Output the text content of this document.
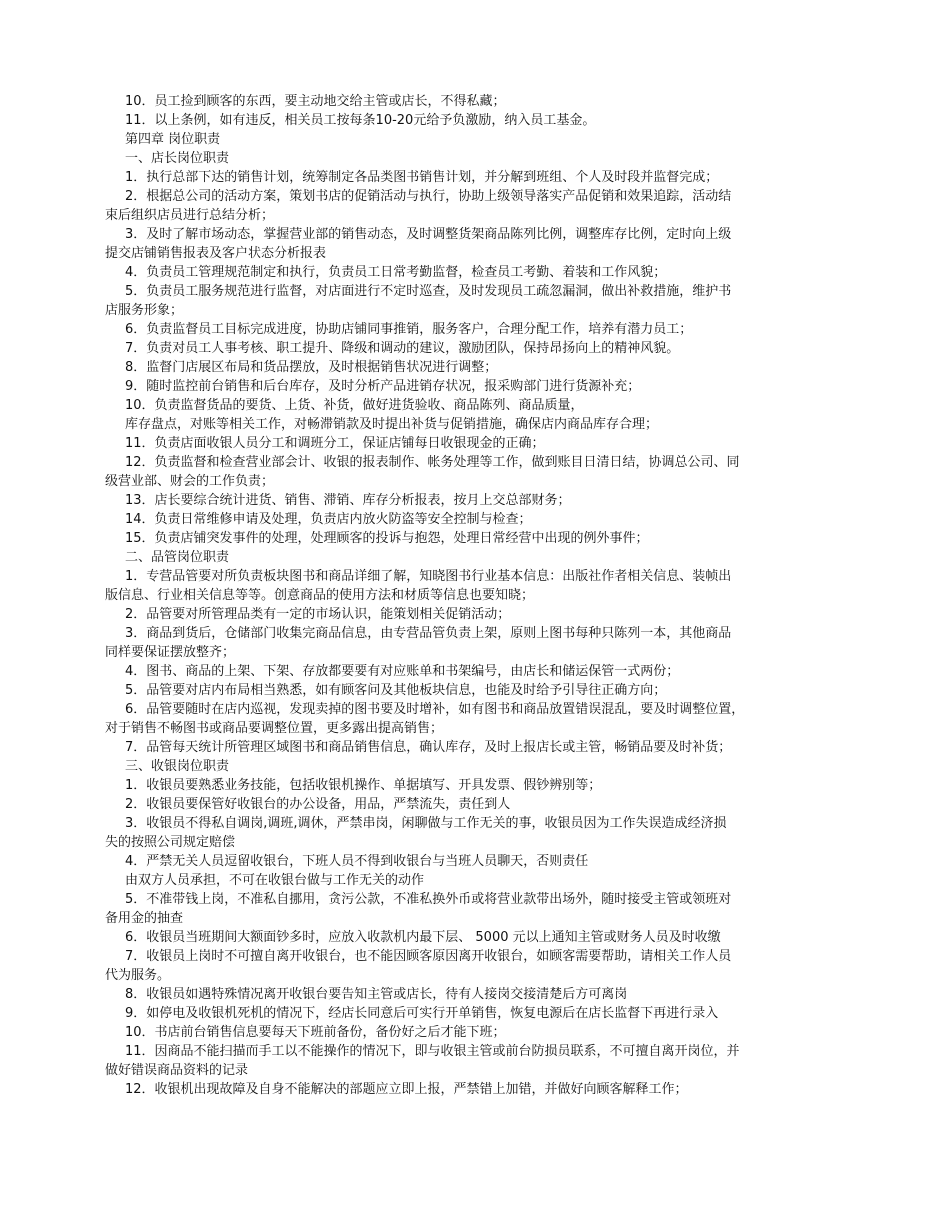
10．员工捡到顾客的东西，要主动地交给主管或店长，不得私藏；
11．以上条例，如有违反，相关员工按每条10-20元给予负激励，纳入员工基金。
第四章 岗位职责
一、店长岗位职责
1．执行总部下达的销售计划，统筹制定各品类图书销售计划，并分解到班组、个人及时段并监督完成；
2．根据总公司的活动方案，策划书店的促销活动与执行，协助上级领导落实产品促销和效果追踪，活动结
束后组织店员进行总结分析；
3．及时了解市场动态，掌握营业部的销售动态，及时调整货架商品陈列比例，调整库存比例，定时向上级
提交店铺销售报表及客户状态分析报表
4．负责员工管理规范制定和执行，负责员工日常考勤监督，检查员工考勤、着装和工作风貌；
5．负责员工服务规范进行监督，对店面进行不定时巡查，及时发现员工疏忽漏洞，做出补救措施，维护书
店服务形象；
6．负责监督员工目标完成进度，协助店铺同事推销，服务客户，合理分配工作，培养有潜力员工；
7．负责对员工人事考核、职工提升、降级和调动的建议，激励团队，保持昂扬向上的精神风貌。
8．监督门店展区布局和货品摆放，及时根据销售状况进行调整；
9．随时监控前台销售和后台库存，及时分析产品进销存状况，报采购部门进行货源补充；
10．负责监督货品的要货、上货、补货，做好进货验收、商品陈列、商品质量，
库存盘点，对账等相关工作，对畅滞销款及时提出补货与促销措施，确保店内商品库存合理；
11．负责店面收银人员分工和调班分工，保证店铺每日收银现金的正确；
12．负责监督和检查营业部会计、收银的报表制作、帐务处理等工作，做到账目日清日结，协调总公司、同
级营业部、财会的工作负责；
13．店长要综合统计进货、销售、滞销、库存分析报表，按月上交总部财务；
14．负责日常维修申请及处理，负责店内放火防盗等安全控制与检查；
15．负责店铺突发事件的处理，处理顾客的投诉与抱怨，处理日常经营中出现的例外事件；
二、品管岗位职责
1．专营品管要对所负责板块图书和商品详细了解，知晓图书行业基本信息：出版社作者相关信息、装帧出
版信息、行业相关信息等等。创意商品的使用方法和材质等信息也要知晓；
2．品管要对所管理品类有一定的市场认识，能策划相关促销活动；
3．商品到货后，仓储部门收集完商品信息，由专营品管负责上架，原则上图书每种只陈列一本，其他商品
同样要保证摆放整齐；
4．图书、商品的上架、下架、存放都要要有对应账单和书架编号，由店长和储运保管一式两份；
5．品管要对店内布局相当熟悉，如有顾客问及其他板块信息，也能及时给予引导往正确方向；
6．品管要随时在店内巡视，发现卖掉的图书要及时增补，如有图书和商品放置错误混乱，要及时调整位置，
对于销售不畅图书或商品要调整位置，更多露出提高销售；
7．品管每天统计所管理区域图书和商品销售信息，确认库存，及时上报店长或主管，畅销品要及时补货；
三、收银岗位职责
1．收银员要熟悉业务技能，包括收银机操作、单据填写、开具发票、假钞辨别等；
2．收银员要保管好收银台的办公设备，用品，严禁流失，责任到人
3．收银员不得私自调岗,调班,调休，严禁串岗，闲聊做与工作无关的事，收银员因为工作失误造成经济损
失的按照公司规定赔偿
4．严禁无关人员逗留收银台，下班人员不得到收银台与当班人员聊天，否则责任
由双方人员承担，不可在收银台做与工作无关的动作
5．不准带钱上岗，不准私自挪用，贪污公款，不准私换外币或将营业款带出场外，随时接受主管或领班对
备用金的抽查
6．收银员当班期间大额面钞多时，应放入收款机内最下层、 5000 元以上通知主管或财务人员及时收缴
7．收银员上岗时不可擅自离开收银台，也不能因顾客原因离开收银台，如顾客需要帮助，请相关工作人员
代为服务。
8．收银员如遇特殊情况离开收银台要告知主管或店长，待有人接岗交接清楚后方可离岗
9．如停电及收银机死机的情况下，经店长同意后可实行开单销售，恢复电源后在店长监督下再进行录入
10．书店前台销售信息要每天下班前备份，备份好之后才能下班；
11．因商品不能扫描而手工以不能操作的情况下，即与收银主管或前台防损员联系，不可擅自离开岗位，并
做好错误商品资料的记录
12．收银机出现故障及自身不能解决的部题应立即上报，严禁错上加错，并做好向顾客解释工作；
